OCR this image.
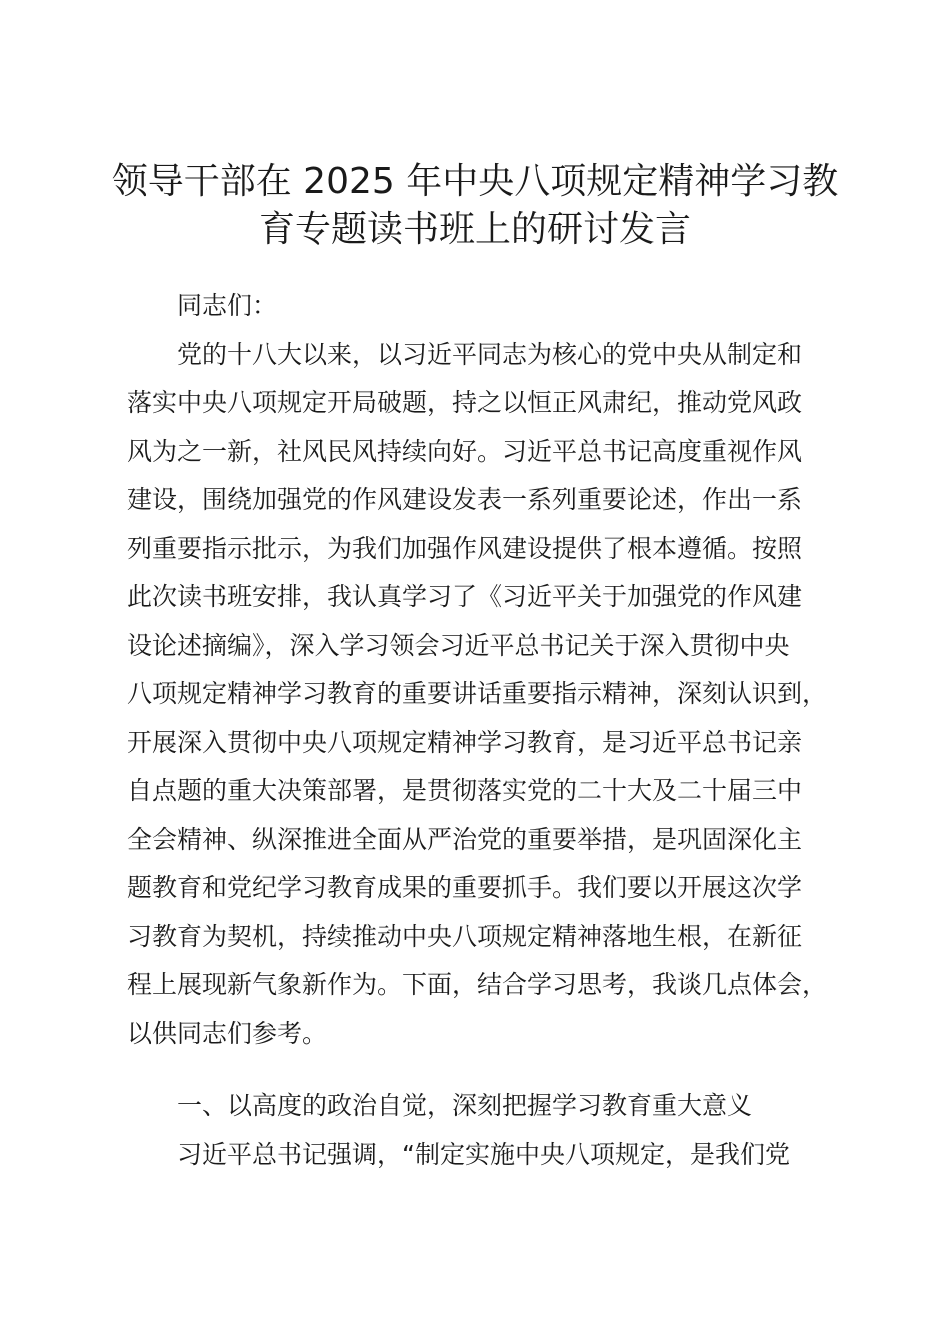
领导干部在 2025 年中央八项规定精神学习教
育专题读书班上的研讨发言
同志们：
党的十八大以来，以习近平同志为核心的党中央从制定和
落实中央八项规定开局破题，持之以恒正风肃纪，推动党风政
风为之一新，社风民风持续向好。习近平总书记高度重视作风
建设，围绕加强党的作风建设发表一系列重要论述，作出一系
列重要指示批示，为我们加强作风建设提供了根本遵循。按照
此次读书班安排，我认真学习了《习近平关于加强党的作风建
设论述摘编》，深入学习领会习近平总书记关于深入贯彻中央
八项规定精神学习教育的重要讲话重要指示精神，深刻认识到，
开展深入贯彻中央八项规定精神学习教育，是习近平总书记亲
自点题的重大决策部署，是贯彻落实党的二十大及二十届三中
全会精神、纵深推进全面从严治党的重要举措，是巩固深化主
题教育和党纪学习教育成果的重要抓手。我们要以开展这次学
习教育为契机，持续推动中央八项规定精神落地生根，在新征
程上展现新气象新作为。下面，结合学习思考，我谈几点体会，
以供同志们参考。
一、以高度的政治自觉，深刻把握学习教育重大意义
习近平总书记强调，“制定实施中央八项规定，是我们党
